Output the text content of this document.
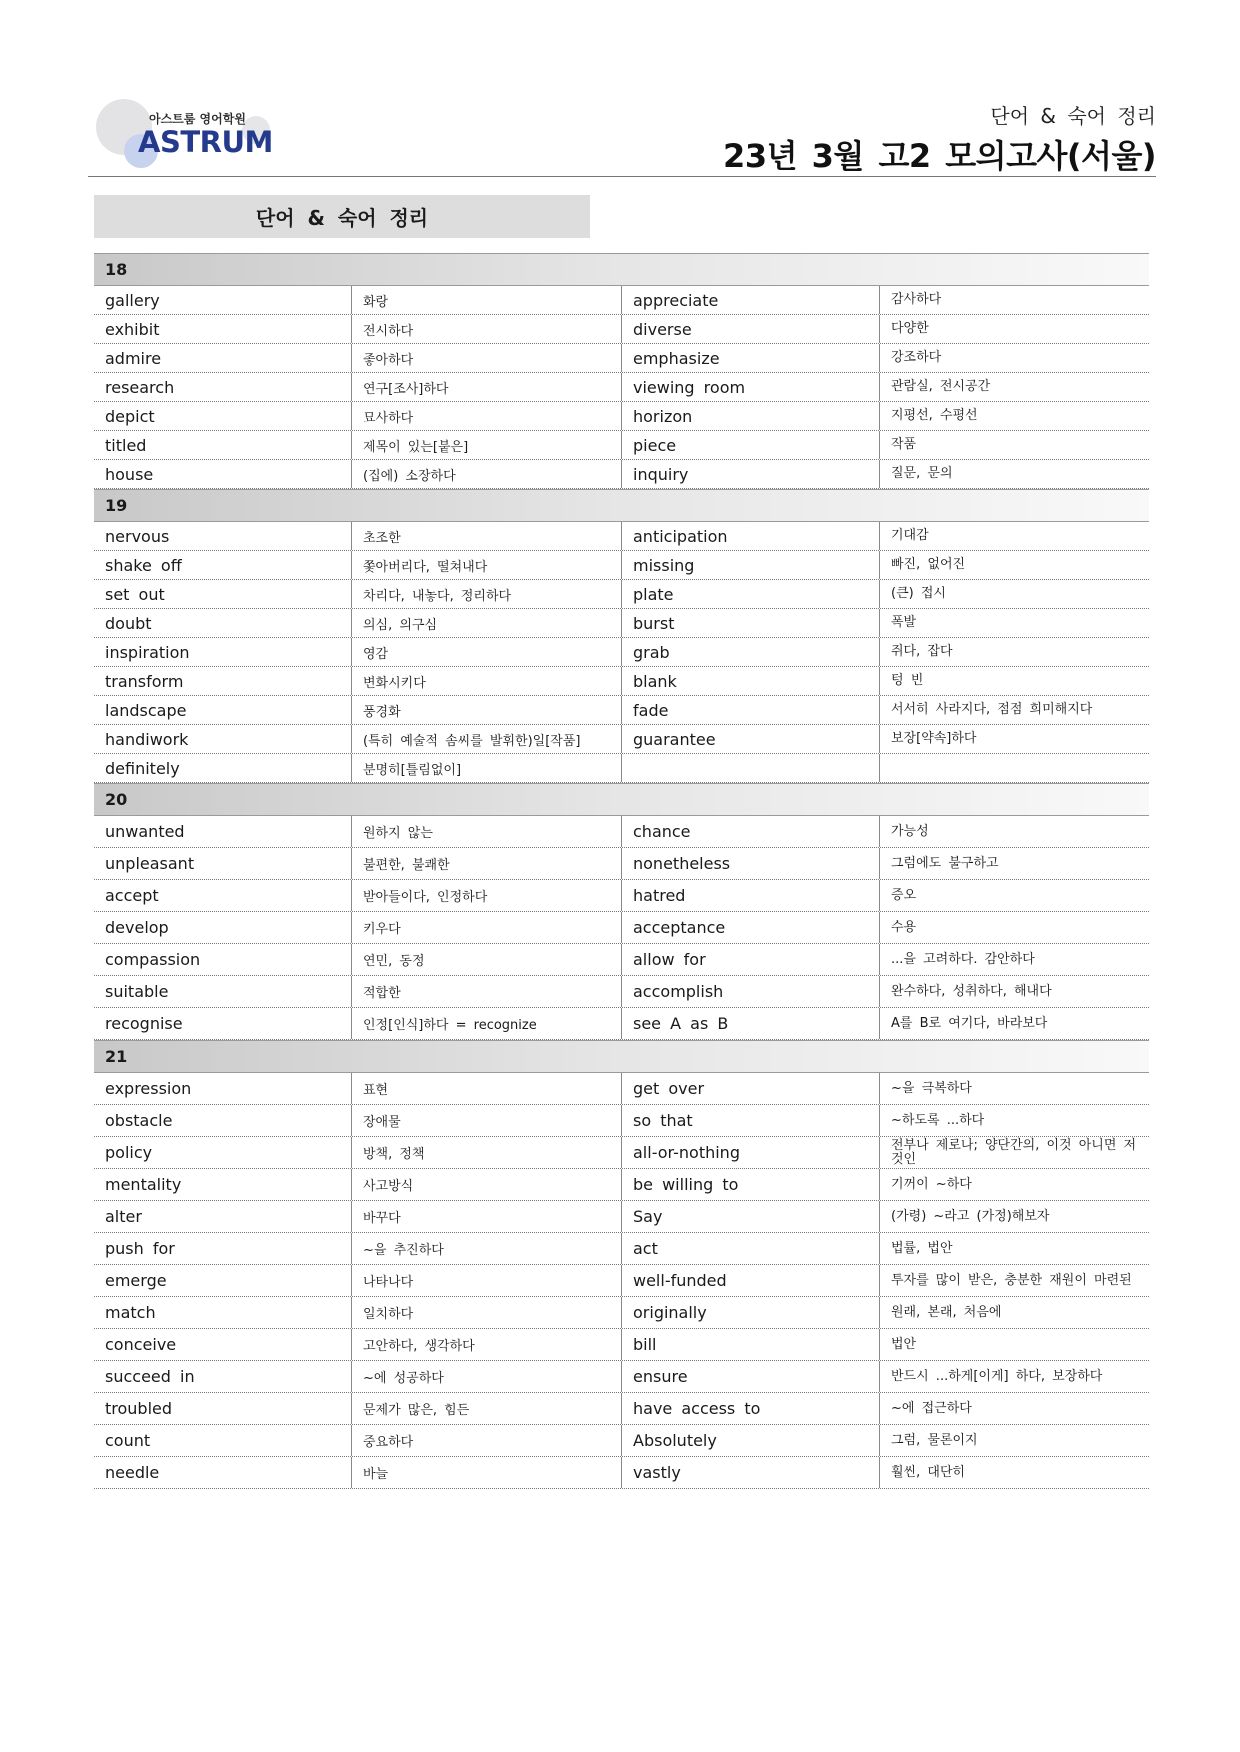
아스트룸 영어학원
ASTRUM
단어 & 숙어 정리
23년 3월 고2 모의고사(서울)
단어 & 숙어 정리
18
gallery	화랑	appreciate	감사하다
exhibit	전시하다	diverse	다양한
admire	좋아하다	emphasize	강조하다
research	연구[조사]하다	viewing room	관람실, 전시공간
depict	묘사하다	horizon	지평선, 수평선
titled	제목이 있는[붙은]	piece	작품
house	(집에) 소장하다	inquiry	질문, 문의
19
nervous	초조한	anticipation	기대감
shake off	쫓아버리다, 떨쳐내다	missing	빠진, 없어진
set out	차리다, 내놓다, 정리하다	plate	(큰) 접시
doubt	의심, 의구심	burst	폭발
inspiration	영감	grab	쥐다, 잡다
transform	변화시키다	blank	텅 빈
landscape	풍경화	fade	서서히 사라지다, 점점 희미해지다
handiwork	(특히 예술적 솜씨를 발휘한)일[작품]	guarantee	보장[약속]하다
definitely	분명히[틀림없이]
20
unwanted	원하지 않는	chance	가능성
unpleasant	불편한, 불쾌한	nonetheless	그럼에도 불구하고
accept	받아들이다, 인정하다	hatred	증오
develop	키우다	acceptance	수용
compassion	연민, 동정	allow for	...을 고려하다. 감안하다
suitable	적합한	accomplish	완수하다, 성취하다, 해내다
recognise	인정[인식]하다 = recognize	see A as B	A를 B로 여기다, 바라보다
21
expression	표현	get over	~을 극복하다
obstacle	장애물	so that	~하도록 ...하다
policy	방책, 정책	all-or-nothing	전부나 제로나; 양단간의, 이것 아니면 저것인
mentality	사고방식	be willing to	기꺼이 ~하다
alter	바꾸다	Say	(가령) ~라고 (가정)해보자
push for	~을 추진하다	act	법률, 법안
emerge	나타나다	well-funded	투자를 많이 받은, 충분한 재원이 마련된
match	일치하다	originally	원래, 본래, 처음에
conceive	고안하다, 생각하다	bill	법안
succeed in	~에 성공하다	ensure	반드시 ...하게[이게] 하다, 보장하다
troubled	문제가 많은, 힘든	have access to	~에 접근하다
count	중요하다	Absolutely	그럼, 물론이지
needle	바늘	vastly	훨씬, 대단히
